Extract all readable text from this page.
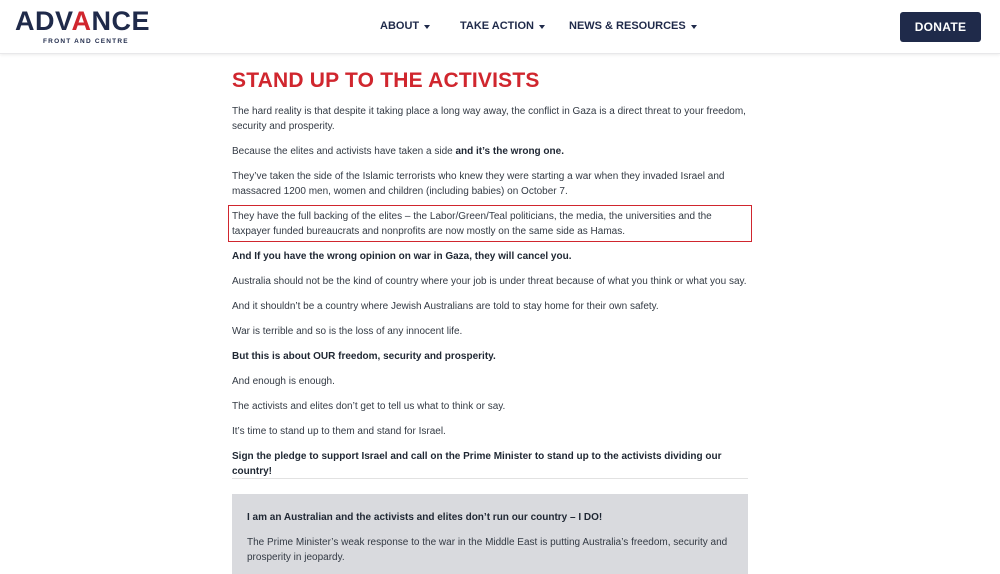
ADVANCE
FRONT AND CENTRE
ABOUT	TAKE ACTION	NEWS & RESOURCES	DONATE
STAND UP TO THE ACTIVISTS

The hard reality is that despite it taking place a long way away, the conflict in Gaza is a direct threat to your freedom, security and prosperity.

Because the elites and activists have taken a side and it’s the wrong one.

They’ve taken the side of the Islamic terrorists who knew they were starting a war when they invaded Israel and massacred 1200 men, women and children (including babies) on October 7.

They have the full backing of the elites – the Labor/Green/Teal politicians, the media, the universities and the taxpayer funded bureaucrats and nonprofits are now mostly on the same side as Hamas.

And If you have the wrong opinion on war in Gaza, they will cancel you.

Australia should not be the kind of country where your job is under threat because of what you think or what you say.

And it shouldn’t be a country where Jewish Australians are told to stay home for their own safety.

War is terrible and so is the loss of any innocent life.

But this is about OUR freedom, security and prosperity.

And enough is enough.

The activists and elites don’t get to tell us what to think or say.

It’s time to stand up to them and stand for Israel.

Sign the pledge to support Israel and call on the Prime Minister to stand up to the activists dividing our country!

I am an Australian and the activists and elites don’t run our country – I DO!
The Prime Minister’s weak response to the war in the Middle East is putting Australia’s freedom, security and prosperity in jeopardy.
